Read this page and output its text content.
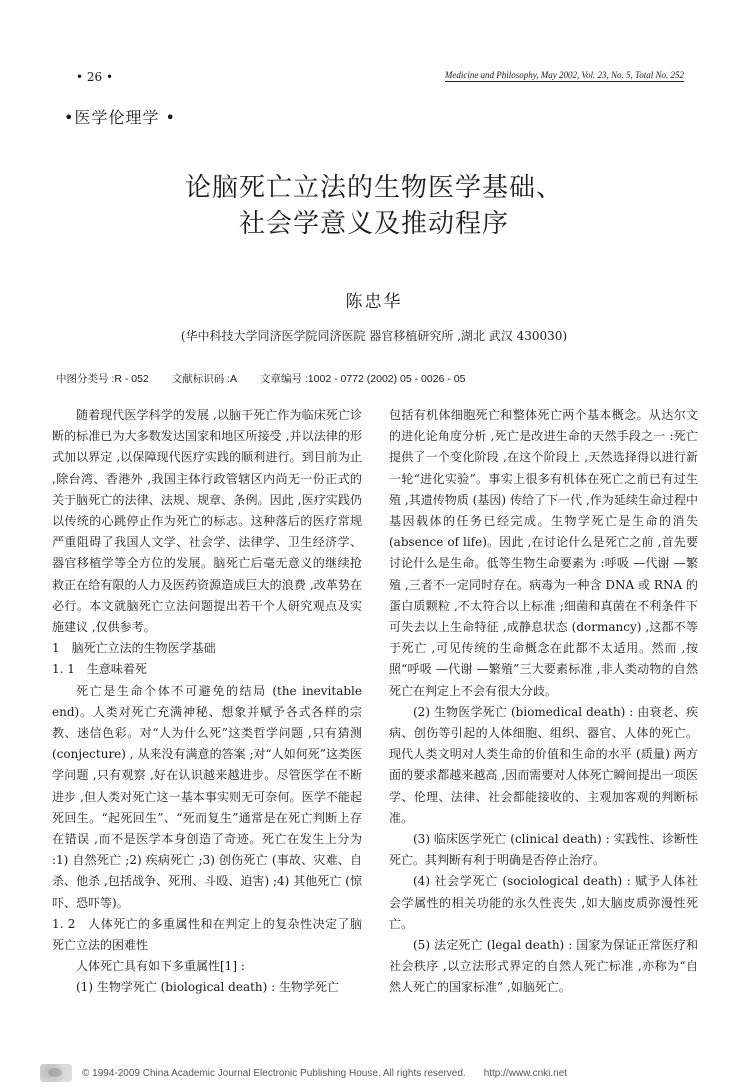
• 26 •	Medicine and Philosophy, May 2002, Vol. 23, No. 5, Total No. 252
•医学伦理学 •
论脑死亡立法的生物医学基础、
社会学意义及推动程序
陈忠华
(华中科技大学同济医学院同济医院 器官移植研究所 ,湖北 武汉 430030)
中图分类号 :R - 052 文献标识码 :A 文章编号 :1002 - 0772 (2002) 05 - 0026 - 05

随着现代医学科学的发展 ,以脑干死亡作为临床死亡诊断的标准已为大多数发达国家和地区所接受 ,并以法律的形式加以界定 ,以保障现代医疗实践的顺利进行。到目前为止 ,除台湾、香港外 ,我国主体行政管辖区内尚无一份正式的关于脑死亡的法律、法规、规章、条例。因此 ,医疗实践仍以传统的心跳停止作为死亡的标志。这种落后的医疗常规严重阻碍了我国人文学、社会学、法律学、卫生经济学、器官移植学等全方位的发展。脑死亡后毫无意义的继续抢救正在给有限的人力及医药资源造成巨大的浪费 ,改革势在必行。本文就脑死亡立法问题提出若干个人研究观点及实施建议 ,仅供参考。

1　脑死亡立法的生物医学基础

1. 1　生意味着死

死亡是生命个体不可避免的结局 (the inevitable end)。人类对死亡充满神秘、想象并赋予各式各样的宗教、迷信色彩。对“人为什么死”这类哲学问题 ,只有猜测 (conjecture) , 从来没有满意的答案 ;对“人如何死”这类医学问题 ,只有观察 ,好在认识越来越进步。尽管医学在不断进步 ,但人类对死亡这一基本事实则无可奈何。医学不能起死回生。“起死回生”、“死而复生”通常是在死亡判断上存在错误 ,而不是医学本身创造了奇迹。死亡在发生上分为 :1) 自然死亡 ;2) 疾病死亡 ;3) 创伤死亡 (事故、灾难、自杀、他杀 ,包括战争、死刑、斗殴、迫害) ;4) 其他死亡 (惊吓、恐吓等)。

1. 2　人体死亡的多重属性和在判定上的复杂性决定了脑死亡立法的困难性

人体死亡具有如下多重属性[1] :

(1) 生物学死亡 (biological death) : 生物学死亡

包括有机体细胞死亡和整体死亡两个基本概念。从达尔文的进化论角度分析 ,死亡是改进生命的天然手段之一 :死亡提供了一个变化阶段 ,在这个阶段上 ,天然选择得以进行新一轮“进化实验”。事实上很多有机体在死亡之前已有过生殖 ,其遗传物质 (基因) 传给了下一代 ,作为延续生命过程中基因载体的任务已经完成。生物学死亡是生命的消失 (absence of life)。因此 ,在讨论什么是死亡之前 ,首先要讨论什么是生命。低等生物生命要素为 :呼吸 —代谢 —繁殖 ,三者不一定同时存在。病毒为一种含 DNA 或 RNA 的蛋白质颗粒 ,不太符合以上标准 ;细菌和真菌在不利条件下可失去以上生命特征 ,成静息状态 (dormancy) ,这都不等于死亡 ,可见传统的生命概念在此都不太适用。然而 ,按照“呼吸 —代谢 —繁殖”三大要素标准 ,非人类动物的自然死亡在判定上不会有很大分歧。

(2) 生物医学死亡 (biomedical death) : 由衰老、疾病、创伤等引起的人体细胞、组织、器官、人体的死亡。现代人类文明对人类生命的价值和生命的水平 (质量) 两方面的要求都越来越高 ,因而需要对人体死亡瞬间提出一项医学、伦理、法律、社会都能接收的、主观加客观的判断标准。

(3) 临床医学死亡 (clinical death) : 实践性、诊断性死亡。其判断有利于明确是否停止治疗。

(4) 社会学死亡 (sociological death) : 赋予人体社会学属性的相关功能的永久性丧失 ,如大脑皮质弥漫性死亡。

(5) 法定死亡 (legal death) : 国家为保证正常医疗和社会秩序 ,以立法形式界定的自然人死亡标准 ,亦称为“自然人死亡的国家标准” ,如脑死亡。

© 1994-2009 China Academic Journal Electronic Publishing House. All rights reserved. http://www.cnki.net
